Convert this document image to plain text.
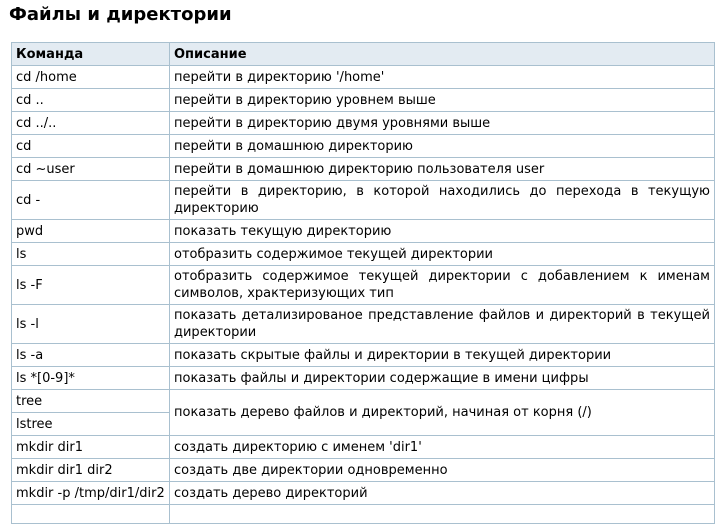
Файлы и директории
Команда	Описание
cd /home	перейти в директорию '/home'
cd ..	перейти в директорию уровнем выше
cd ../..	перейти в директорию двумя уровнями выше
cd	перейти в домашнюю директорию
cd ~user	перейти в домашнюю директорию пользователя user
cd -	перейти в директорию, в которой находились до перехода в текущую директорию
pwd	показать текущую директорию
ls	отобразить содержимое текущей директории
ls -F	отобразить содержимое текущей директории с добавлением к именам символов, храктеризующих тип
ls -l	показать детализированое представление файлов и директорий в текущей директории
ls -a	показать скрытые файлы и директории в текущей директории
ls *[0-9]*	показать файлы и директории содержащие в имени цифры
tree	показать дерево файлов и директорий, начиная от корня (/)
lstree	
mkdir dir1	создать директорию с именем 'dir1'
mkdir dir1 dir2	создать две директории одновременно
mkdir -p /tmp/dir1/dir2	создать дерево директорий
